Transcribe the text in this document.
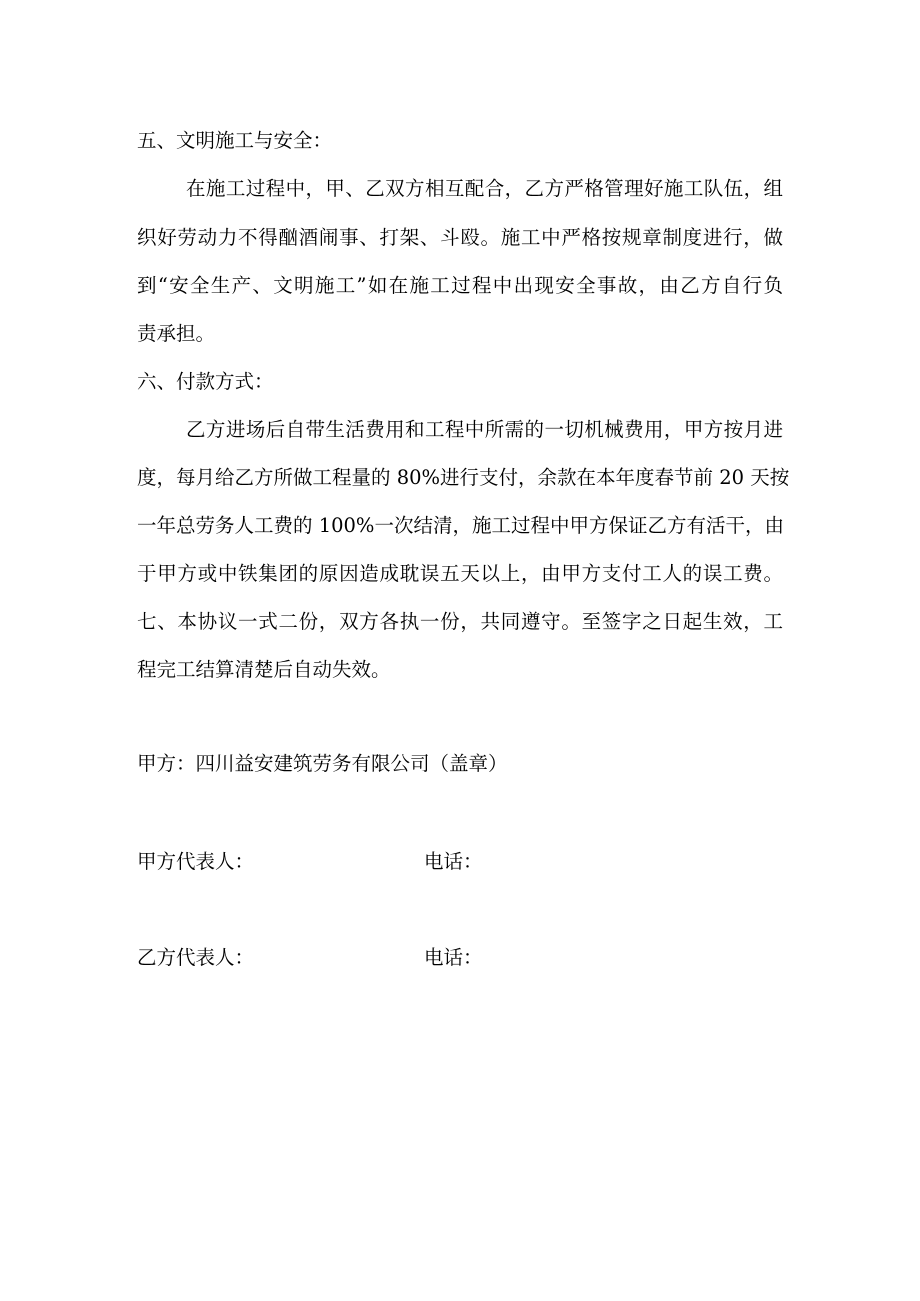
五、文明施工与安全：
在施工过程中，甲、乙双方相互配合，乙方严格管理好施工队伍，组
织好劳动力不得酗酒闹事、打架、斗殴。施工中严格按规章制度进行，做
到“安全生产、文明施工”如在施工过程中出现安全事故，由乙方自行负
责承担。
六、付款方式：
乙方进场后自带生活费用和工程中所需的一切机械费用，甲方按月进
度，每月给乙方所做工程量的 80%进行支付，余款在本年度春节前 20 天按
一年总劳务人工费的 100%一次结清，施工过程中甲方保证乙方有活干，由
于甲方或中铁集团的原因造成耽误五天以上，由甲方支付工人的误工费。
七、本协议一式二份，双方各执一份，共同遵守。至签字之日起生效，工
程完工结算清楚后自动失效。
甲方：四川益安建筑劳务有限公司（盖章）
甲方代表人：	电话：
乙方代表人：	电话：
